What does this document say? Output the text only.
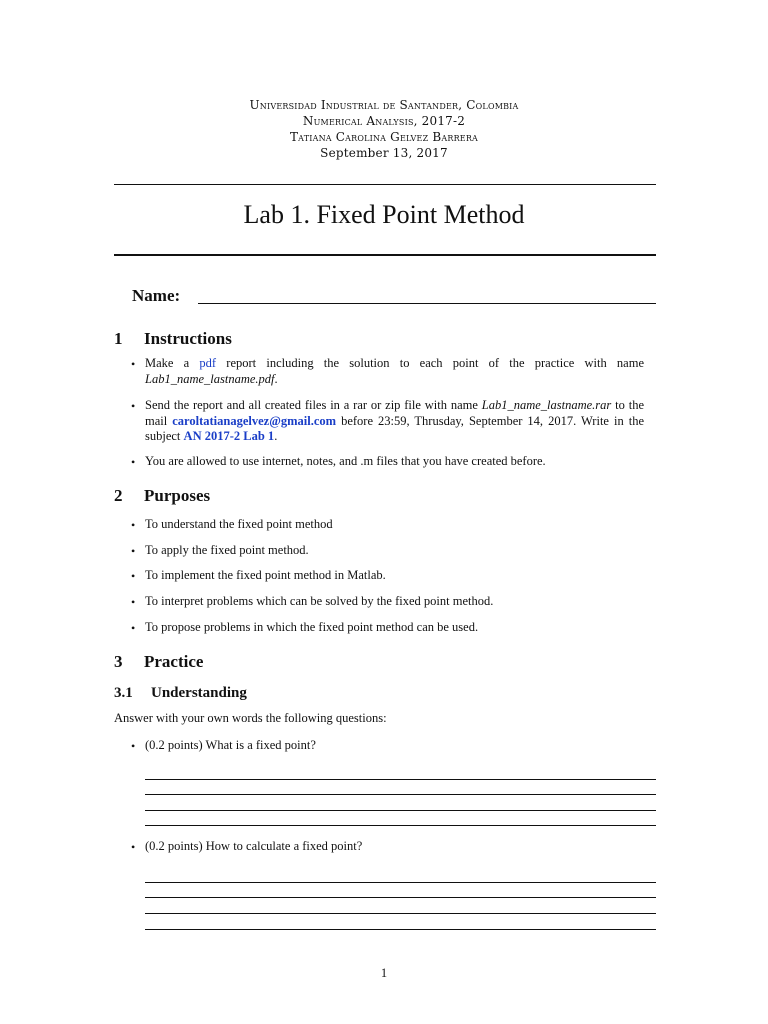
Universidad Industrial de Santander, Colombia
Numerical Analysis, 2017-2
Tatiana Carolina Gelvez Barrera
September 13, 2017
Lab 1. Fixed Point Method
Name:
1 Instructions
• Make a pdf report including the solution to each point of the practice with name Lab1_name_lastname.pdf.
• Send the report and all created files in a rar or zip file with name Lab1_name_lastname.rar to the mail caroltatianagelvez@gmail.com before 23:59, Thrusday, September 14, 2017. Write in the subject AN 2017-2 Lab 1.
• You are allowed to use internet, notes, and .m files that you have created before.
2 Purposes
• To understand the fixed point method
• To apply the fixed point method.
• To implement the fixed point method in Matlab.
• To interpret problems which can be solved by the fixed point method.
• To propose problems in which the fixed point method can be used.
3 Practice
3.1 Understanding
Answer with your own words the following questions:
• (0.2 points) What is a fixed point?
• (0.2 points) How to calculate a fixed point?
1
